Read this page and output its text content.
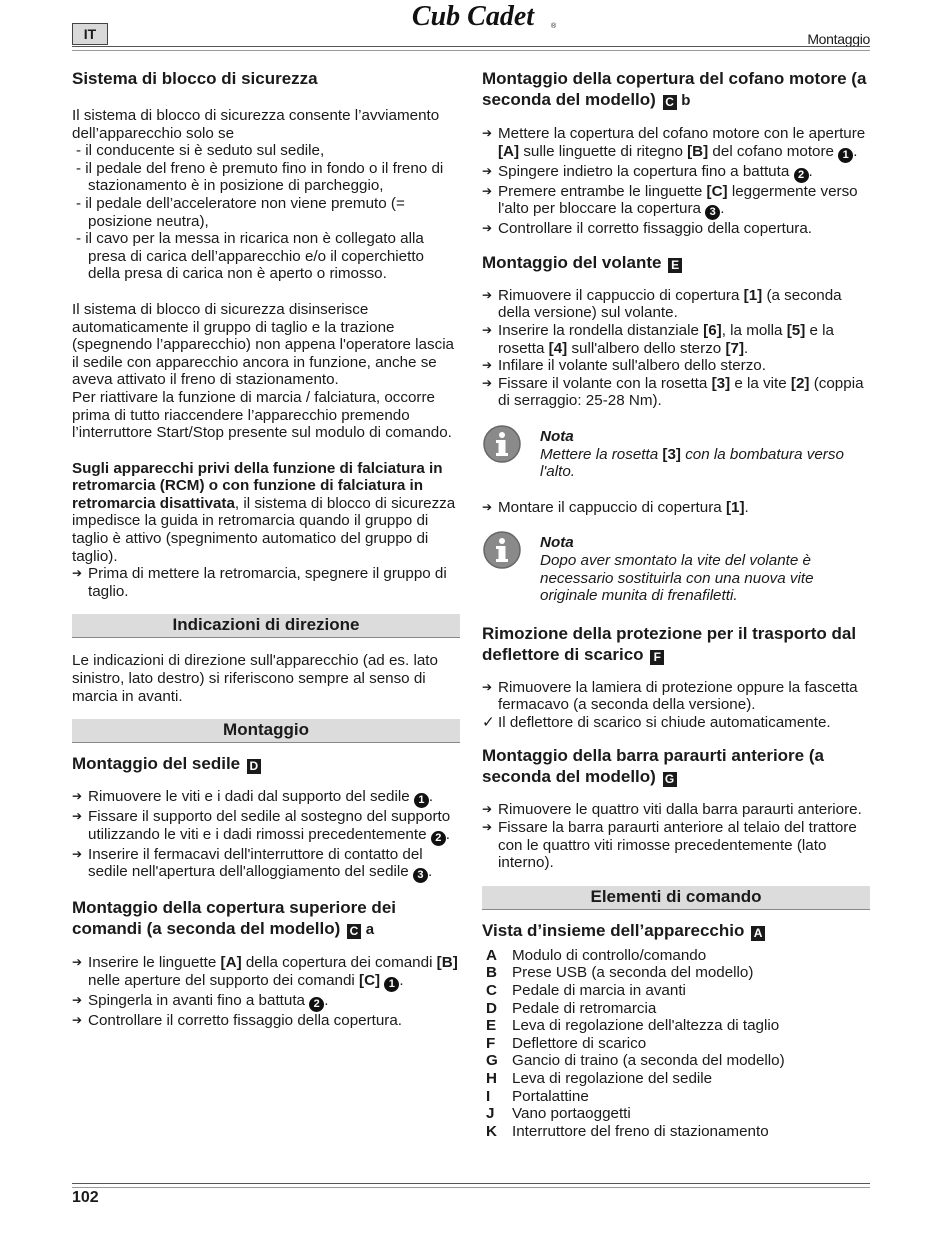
IT
Cub Cadet ®
Montaggio
Sistema di blocco di sicurezza

Il sistema di blocco di sicurezza consente l’avviamento dell’apparecchio solo se

- il conducente si è seduto sul sedile,
- il pedale del freno è premuto fino in fondo o il freno di stazionamento è in posizione di parcheggio,
- il pedale dell’acceleratore non viene premuto (= posizione neutra),
- il cavo per la messa in ricarica non è collegato alla presa di carica dell’apparecchio e/o il coperchietto della presa di carica non è aperto o rimosso.

Il sistema di blocco di sicurezza disinserisce automaticamente il gruppo di taglio e la trazione (spegnendo l’apparecchio) non appena l'operatore lascia il sedile con apparecchio ancora in funzione, anche se aveva attivato il freno di stazionamento.

Per riattivare la funzione di marcia / falciatura, occorre prima di tutto riaccendere l’apparecchio premendo l’interruttore Start/Stop presente sul modulo di comando.

Sugli apparecchi privi della funzione di falciatura in retromarcia (RCM) o con funzione di falciatura in retromarcia disattivata, il sistema di blocco di sicurezza impedisce la guida in retromarcia quando il gruppo di taglio è attivo (spegnimento automatico del gruppo di taglio).

➔ Prima di mettere la retromarcia, spegnere il gruppo di taglio.
Indicazioni di direzione

Le indicazioni di direzione sull'apparecchio (ad es. lato sinistro, lato destro) si riferiscono sempre al senso di marcia in avanti.

Montaggio
Montaggio del sedile D
➔ Rimuovere le viti e i dadi dal supporto del sedile 1 .
➔ Fissare il supporto del sedile al sostegno del supporto utilizzando le viti e i dadi rimossi precedentemente 2 .
➔ Inserire il fermacavi dell'interruttore di contatto del sedile nell'apertura dell'alloggiamento del sedile 3 .
Montaggio della copertura superiore dei comandi (a seconda del modello) C a
➔ Inserire le linguette [A] della copertura dei comandi [B] nelle aperture del supporto dei comandi [C] 1 .
➔ Spingerla in avanti fino a battuta 2 .
➔ Controllare il corretto fissaggio della copertura.
Montaggio della copertura del cofano motore (a seconda del modello) C b
➔ Mettere la copertura del cofano motore con le aperture [A] sulle linguette di ritegno [B] del cofano motore 1 .
➔ Spingere indietro la copertura fino a battuta 2 .
➔ Premere entrambe le linguette [C] leggermente verso l'alto per bloccare la copertura 3 .
➔ Controllare il corretto fissaggio della copertura.
Montaggio del volante E
➔ Rimuovere il cappuccio di copertura [1] (a seconda della versione) sul volante.
➔ Inserire la rondella distanziale [6], la molla [5] e la rosetta [4] sull'albero dello sterzo [7].
➔ Infilare il volante sull'albero dello sterzo.
➔ Fissare il volante con la rosetta [3] e la vite [2] (coppia di serraggio: 25-28 Nm).
Nota
Mettere la rosetta [3] con la bombatura verso l'alto.
➔ Montare il cappuccio di copertura [1].
Nota
Dopo aver smontato la vite del volante è necessario sostituirla con una nuova vite originale munita di frenafiletti.
Rimozione della protezione per il trasporto dal deflettore di scarico F
➔ Rimuovere la lamiera di protezione oppure la fascetta fermacavo (a seconda della versione).
✓ Il deflettore di scarico si chiude automaticamente.
Montaggio della barra paraurti anteriore (a seconda del modello) G
➔ Rimuovere le quattro viti dalla barra paraurti anteriore.
➔ Fissare la barra paraurti anteriore al telaio del trattore con le quattro viti rimosse precedentemente (lato interno).
Elementi di comando
Vista d’insieme dell’apparecchio A
A Modulo di controllo/comando
B Prese USB (a seconda del modello)
C Pedale di marcia in avanti
D Pedale di retromarcia
E	Leva di regolazione dell'altezza di taglio
F	Deflettore di scarico
G Gancio di traino (a seconda del modello)
H Leva di regolazione del sedile
I	Portalattine
J	Vano portaoggetti
K Interruttore del freno di stazionamento
102
